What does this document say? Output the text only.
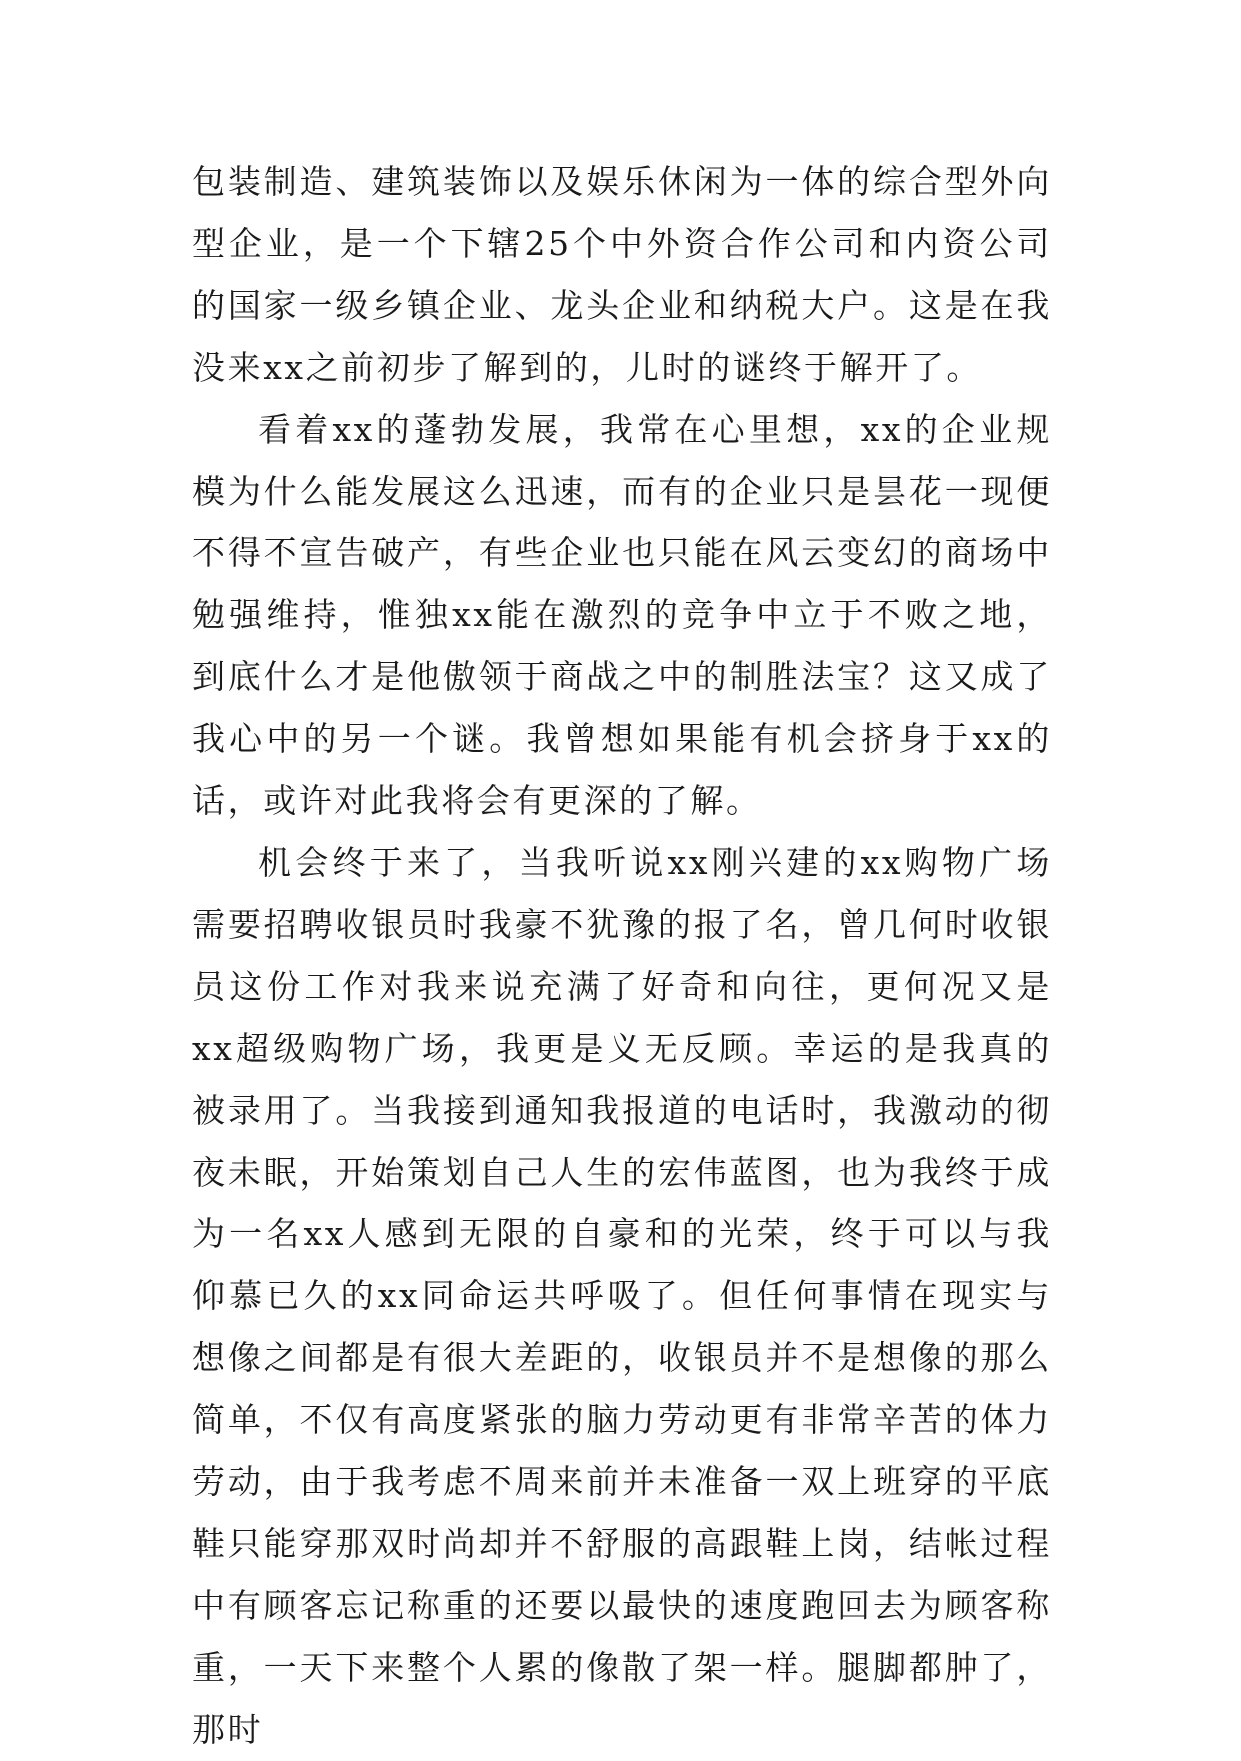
包装制造、建筑装饰以及娱乐休闲为一体的综合型外向型企业，是一个下辖25个中外资合作公司和内资公司的国家一级乡镇企业、龙头企业和纳税大户。这是在我没来xx之前初步了解到的，儿时的谜终于解开了。

看着xx的蓬勃发展，我常在心里想，xx的企业规模为什么能发展这么迅速，而有的企业只是昙花一现便不得不宣告破产，有些企业也只能在风云变幻的商场中勉强维持，惟独xx能在激烈的竞争中立于不败之地，到底什么才是他傲领于商战之中的制胜法宝？这又成了我心中的另一个谜。我曾想如果能有机会挤身于xx的话，或许对此我将会有更深的了解。

机会终于来了，当我听说xx刚兴建的xx购物广场需要招聘收银员时我豪不犹豫的报了名，曾几何时收银员这份工作对我来说充满了好奇和向往，更何况又是xx超级购物广场，我更是义无反顾。幸运的是我真的被录用了。当我接到通知我报道的电话时，我激动的彻夜未眠，开始策划自己人生的宏伟蓝图，也为我终于成为一名xx人感到无限的自豪和的光荣，终于可以与我仰慕已久的xx同命运共呼吸了。但任何事情在现实与想像之间都是有很大差距的，收银员并不是想像的那么简单，不仅有高度紧张的脑力劳动更有非常辛苦的体力劳动，由于我考虑不周来前并未准备一双上班穿的平底鞋只能穿那双时尚却并不舒服的高跟鞋上岗，结帐过程中有顾客忘记称重的还要以最快的速度跑回去为顾客称重，一天下来整个人累的像散了架一样。腿脚都肿了，那时
